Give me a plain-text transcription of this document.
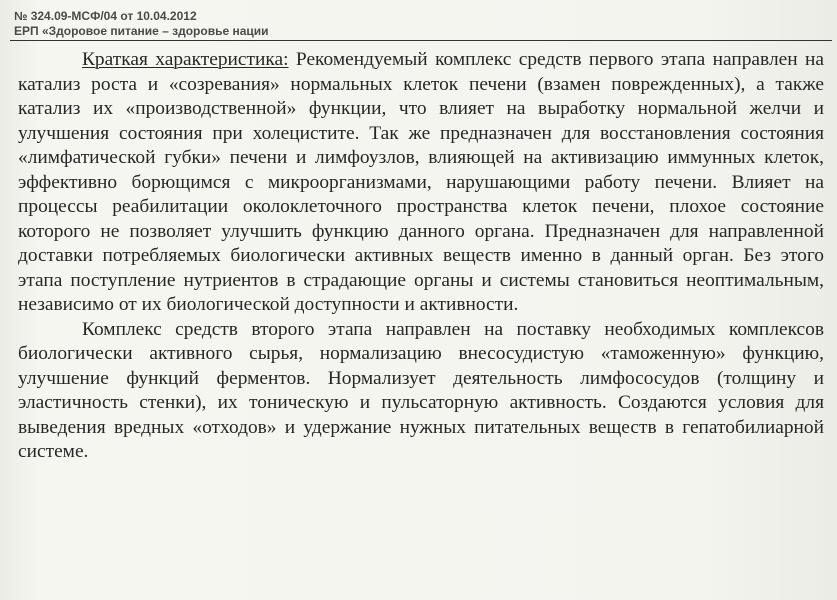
№ 324.09-МСФ/04 от 10.04.2012
ЕРП «Здоровое питание – здоровье нации

Краткая характеристика: Рекомендуемый комплекс средств первого этапа направлен на катализ роста и «созревания» нормальных клеток печени (взамен поврежденных), а также катализ их «производственной» функции, что влияет на выработку нормальной желчи и улучшения состояния при холецистите. Так же предназначен для восстановления состояния «лимфатической губки» печени и лимфоузлов, влияющей на активизацию иммунных клеток, эффективно борющимся с микроорганизмами, нарушающими работу печени. Влияет на процессы реабилитации околоклеточного пространства клеток печени, плохое состояние которого не позволяет улучшить функцию данного органа. Предназначен для направленной доставки потребляемых биологически активных веществ именно в данный орган. Без этого этапа поступление нутриентов в страдающие органы и системы становиться неоптимальным, независимо от их биологической доступности и активности.

Комплекс средств второго этапа направлен на поставку необходимых комплексов биологически активного сырья, нормализацию внесосудистую «таможенную» функцию, улучшение функций ферментов. Нормализует деятельность лимфососудов (толщину и эластичность стенки), их тоническую и пульсаторную активность. Создаются условия для выведения вредных «отходов» и удержание нужных питательных веществ в гепатобилиарной системе.
